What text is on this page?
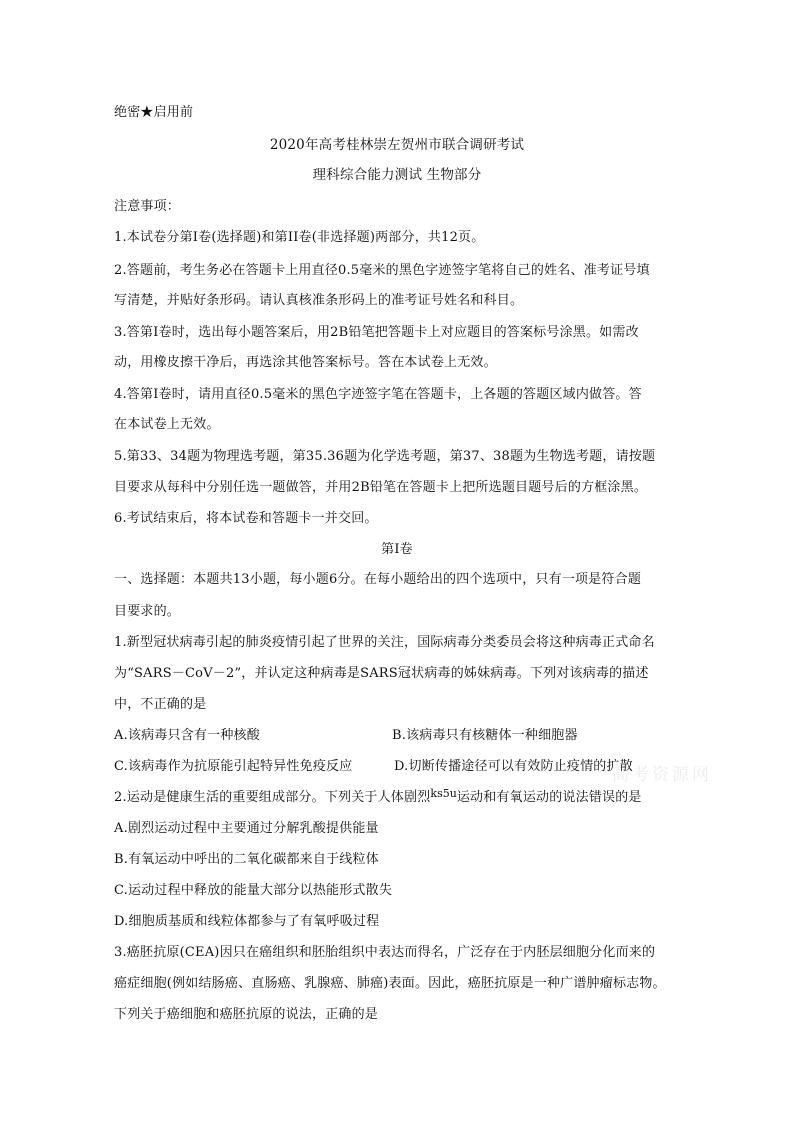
高考资源网
绝密★启用前
2020年高考桂林崇左贺州市联合调研考试
理科综合能力测试 生物部分
注意事项：
1.本试卷分第I卷(选择题)和第II卷(非选择题)两部分，共12页。
2.答题前，考生务必在答题卡上用直径0.5毫米的黑色字迹签字笔将自己的姓名、准考证号填
写清楚，并贴好条形码。请认真核准条形码上的准考证号姓名和科目。
3.答第I卷时，选出每小题答案后，用2B铅笔把答题卡上对应题目的答案标号涂黑。如需改
动，用橡皮擦干净后，再选涂其他答案标号。答在本试卷上无效。
4.答第I卷时，请用直径0.5毫米的黑色字迹签字笔在答题卡，上各题的答题区域内做答。答
在本试卷上无效。
5.第33、34题为物理选考题，第35.36题为化学选考题，第37、38题为生物选考题，请按题
目要求从每科中分别任选一题做答，并用2B铅笔在答题卡上把所选题目题号后的方框涂黑。
6.考试结束后，将本试卷和答题卡一并交回。
第I卷
一、选择题：本题共13小题，每小题6分。在每小题给出的四个选项中，只有一项是符合题
目要求的。
1.新型冠状病毒引起的肺炎疫情引起了世界的关注，国际病毒分类委员会将这种病毒正式命名
为“SARS－CoV－2”，并认定这种病毒是SARS冠状病毒的姊妹病毒。下列对该病毒的描述
中，不正确的是
A.该病毒只含有一种核酸	B.该病毒只有核糖体一种细胞器
C.该病毒作为抗原能引起特异性免疫反应	D.切断传播途径可以有效防止疫情的扩散
2.运动是健康生活的重要组成部分。下列关于人体剧烈$^{ks5u}$运动和有氧运动的说法错误的是
A.剧烈运动过程中主要通过分解乳酸提供能量
B.有氧运动中呼出的二氧化碳都来自于线粒体
C.运动过程中释放的能量大部分以热能形式散失
D.细胞质基质和线粒体都参与了有氧呼吸过程
3.癌胚抗原(CEA)因只在癌组织和胚胎组织中表达而得名，广泛存在于内胚层细胞分化而来的
癌症细胞(例如结肠癌、直肠癌、乳腺癌、肺癌)表面。因此，癌胚抗原是一种广谱肿瘤标志物。
下列关于癌细胞和癌胚抗原的说法，正确的是
